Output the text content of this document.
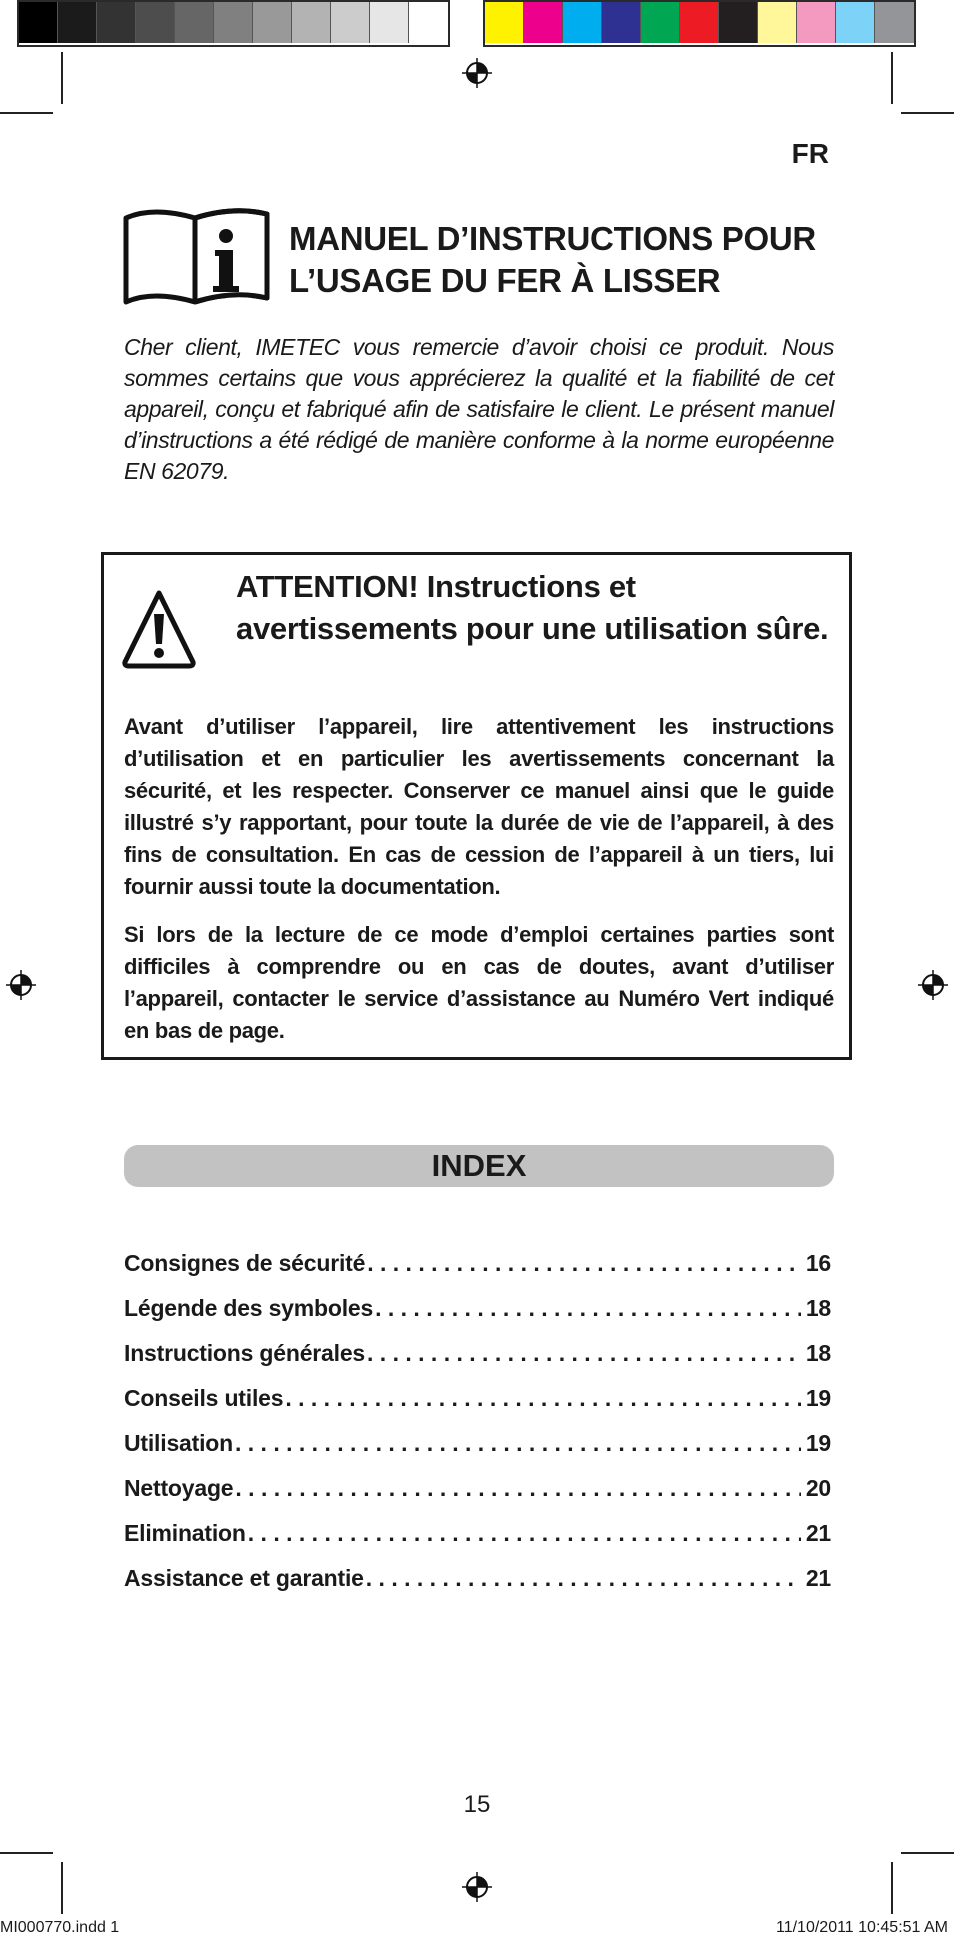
FR
MANUEL D’INSTRUCTIONS POUR
L’USAGE DU FER À LISSER
Cher client, IMETEC vous remercie d’avoir choisi ce produit. Nous sommes certains que vous apprécierez la qualité et la fiabilité de cet appareil, conçu et fabriqué afin de satisfaire le client. Le présent manuel d’instructions a été rédigé de manière conforme à la norme européenne EN 62079.
ATTENTION! Instructions et avertissements pour une utilisation sûre.
Avant d’utiliser l’appareil, lire attentivement les instructions d’utilisation et en particulier les avertissements concernant la sécurité, et les respecter. Conserver ce manuel ainsi que le guide illustré s’y rapportant, pour toute la durée de vie de l’appareil, à des fins de consultation. En cas de cession de l’appareil à un tiers, lui fournir aussi toute la documentation.
Si lors de la lecture de ce mode d’emploi certaines parties sont difficiles à comprendre ou en cas de doutes, avant d’utiliser l’appareil, contacter le service d’assistance au Numéro Vert indiqué en bas de page.
INDEX
Consignes de sécurité . . .	16
Légende des symboles . . .	18
Instructions générales . . .	18
Conseils utiles . . .	19
Utilisation . . .	19
Nettoyage . . .	20
Elimination . . .	21
Assistance et garantie . . .	21
15
MI000770.indd 1	11/10/2011 10:45:51 AM
